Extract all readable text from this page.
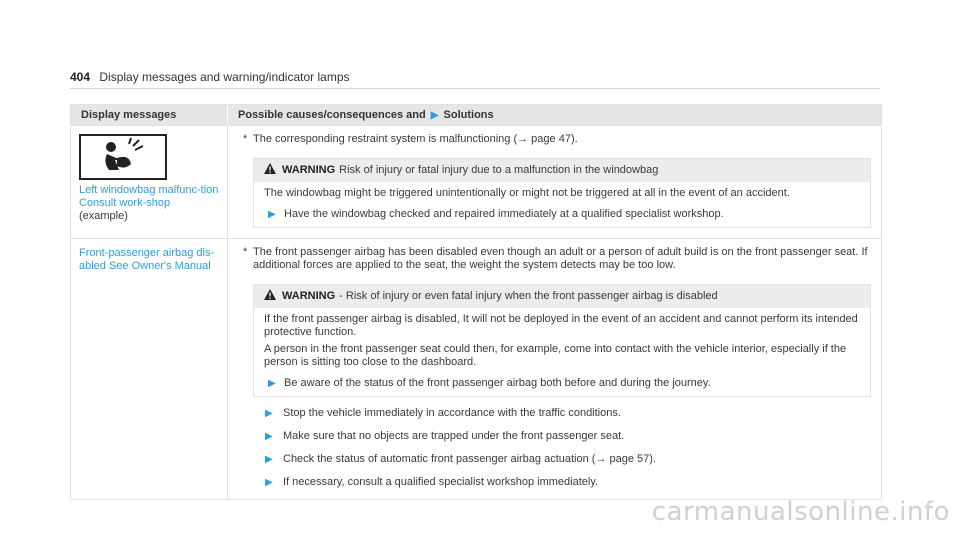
404 Display messages and warning/indicator lamps
Display messages	Possible causes/consequences and ▶ Solutions
Left windowbag malfunc-tion Consult work-shop (example)
* The corresponding restraint system is malfunctioning (→ page 47).
WARNING Risk of injury or fatal injury due to a malfunction in the windowbag

The windowbag might be triggered unintentionally or might not be triggered at all in the event of an accident.

▶ Have the windowbag checked and repaired immediately at a qualified specialist workshop.
Front-passenger airbag dis-abled See Owner's Manual
* The front passenger airbag has been disabled even though an adult or a person of adult build is on the front passenger seat. If additional forces are applied to the seat, the weight the system detects may be too low.
WARNING - Risk of injury or even fatal injury when the front passenger airbag is disabled

If the front passenger airbag is disabled, It will not be deployed in the event of an accident and cannot perform its intended protective function.

A person in the front passenger seat could then, for example, come into contact with the vehicle interior, especially if the person is sitting too close to the dashboard.

▶ Be aware of the status of the front passenger airbag both before and during the journey.
▶ Stop the vehicle immediately in accordance with the traffic conditions.
▶ Make sure that no objects are trapped under the front passenger seat.
▶ Check the status of automatic front passenger airbag actuation (→ page 57).
▶ If necessary, consult a qualified specialist workshop immediately.
carmanualsonline.info
